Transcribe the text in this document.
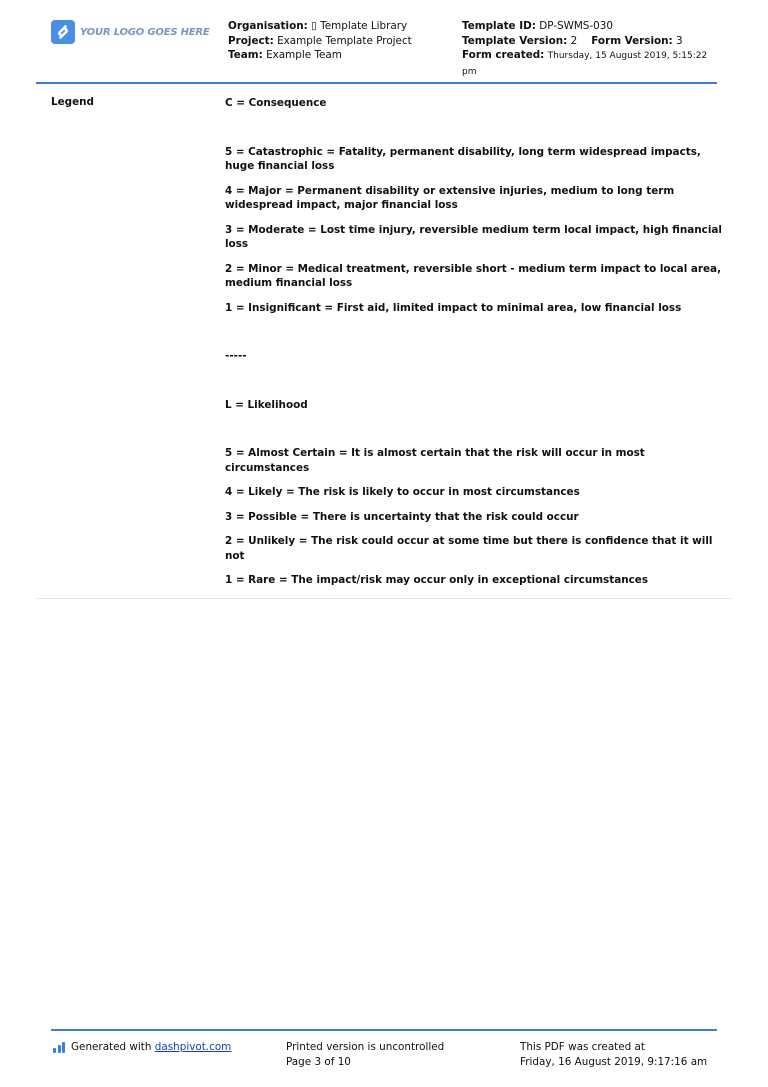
YOUR LOGO GOES HERE Organisation: ▯ Template Library
Project: Example Template Project
Team: Example Team
Template ID: DP-SWMS-030
Template Version: 2 Form Version: 3
Form created: Thursday, 15 August 2019, 5:15:22 pm
Legend	C = Consequence

5 = Catastrophic = Fatality, permanent disability, long term widespread impacts, huge financial loss

4 = Major = Permanent disability or extensive injuries, medium to long term widespread impact, major financial loss

3 = Moderate = Lost time injury, reversible medium term local impact, high financial loss

2 = Minor = Medical treatment, reversible short - medium term impact to local area, medium financial loss

1 = Insignificant = First aid, limited impact to minimal area, low financial loss

-----

L = Likelihood

5 = Almost Certain = It is almost certain that the risk will occur in most circumstances

4 = Likely = The risk is likely to occur in most circumstances

3 = Possible = There is uncertainty that the risk could occur

2 = Unlikely = The risk could occur at some time but there is confidence that it will not

1 = Rare = The impact/risk may occur only in exceptional circumstances

Generated with dashpivot.com	Printed version is uncontrolled
Page 3 of 10
This PDF was created at
Friday, 16 August 2019, 9:17:16 am
